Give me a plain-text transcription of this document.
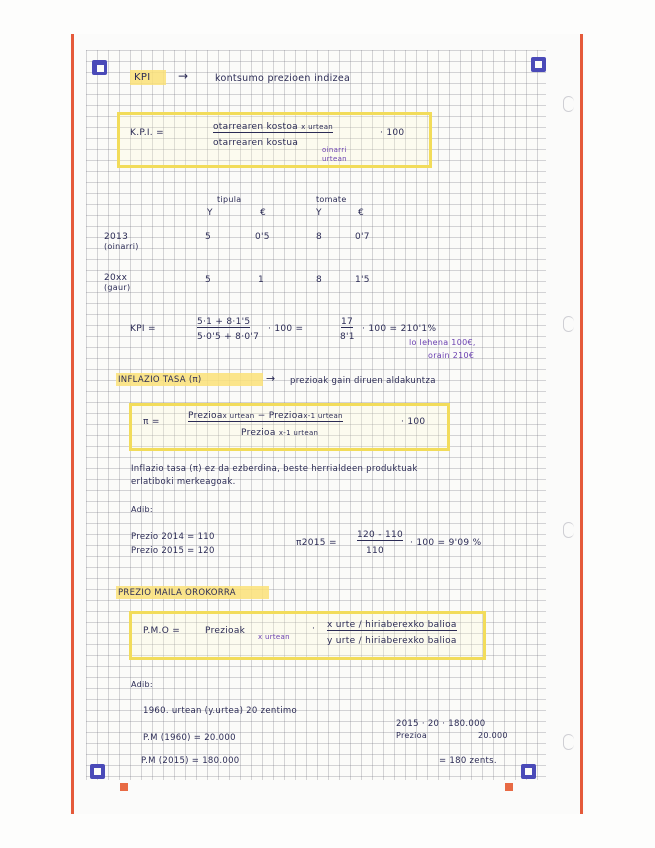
KPI →	kontsumo prezioen indizea
K.P.I. =
otarrearen kostoa x urtean
otarrearen kostua
oinarri
urtean
· 100
tipula	tomate
Y	€	Y	€
2013
(oinarri)
5	0'5	8	0'7
20xx
(gaur)
5	1	8	1'5
KPI =
5·1 + 8·1'5
5·0'5 + 8·0'7
· 100 =
17
8'1
· 100 = 210'1%
lo lehena 100€,
orain 210€
INFLAZIO TASA (π)	→ prezioak gain diruen aldakuntza
π =
Prezioax urtean − Prezioax-1 urtean
Prezioa x-1 urtean
· 100
Inflazio tasa (π) ez da ezberdina, beste herrialdeen produktuak
erlatiboki merkeagoak.
Adib:
Prezio 2014 = 110
Prezio 2015 = 120
π2015 =
120 - 110
110
· 100 = 9'09 %
PREZIO MAILA OROKORRA
P.M.O =	Prezioak
x urtean
· x urte / hiriaberexko balioa
y urte / hiriaberexko balioa
Adib:
1960. urtean (y.urtea) 20 zentimo
P.M (1960) = 20.000
P.M (2015) = 180.000
2015 · 20 · 180.000
Prezioa	20.000
= 180 zents.
